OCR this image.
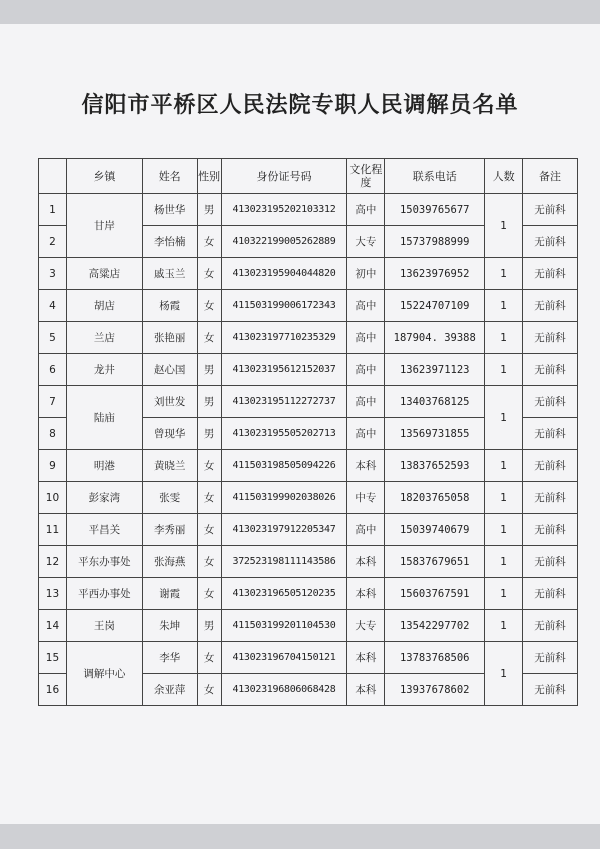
信阳市平桥区人民法院专职人民调解员名单
	乡镇	姓名	性别	身份证号码	文化程度	联系电话	人数	备注
1	甘岸	杨世华	男	413023195202103312	高中	15039765677	1	无前科
2		李怡楠	女	410322199005262889	大专	15737988999		无前科
3	高粱店	戚玉兰	女	413023195904044820	初中	13623976952	1	无前科
4	胡店	杨霞	女	411503199006172343	高中	15224707109	1	无前科
5	兰店	张艳丽	女	413023197710235329	高中	187904. 39388	1	无前科
6	龙井	赵心国	男	413023195612152037	高中	13623971123	1	无前科
7	陆庙	刘世发	男	413023195112272737	高中	13403768125	1	无前科
8		曾现华	男	413023195505202713	高中	13569731855		无前科
9	明港	黄晓兰	女	411503198505094226	本科	13837652593	1	无前科
10	彭家湾	张雯	女	411503199902038026	中专	18203765058	1	无前科
11	平昌关	李秀丽	女	413023197912205347	高中	15039740679	1	无前科
12	平东办事处	张海燕	女	372523198111143586	本科	15837679651	1	无前科
13	平西办事处	谢霞	女	413023196505120235	本科	15603767591	1	无前科
14	王岗	朱坤	男	411503199201104530	大专	13542297702	1	无前科
15	调解中心	李华	女	413023196704150121	本科	13783768506	1	无前科
16		余亚萍	女	413023196806068428	本科	13937678602		无前科
